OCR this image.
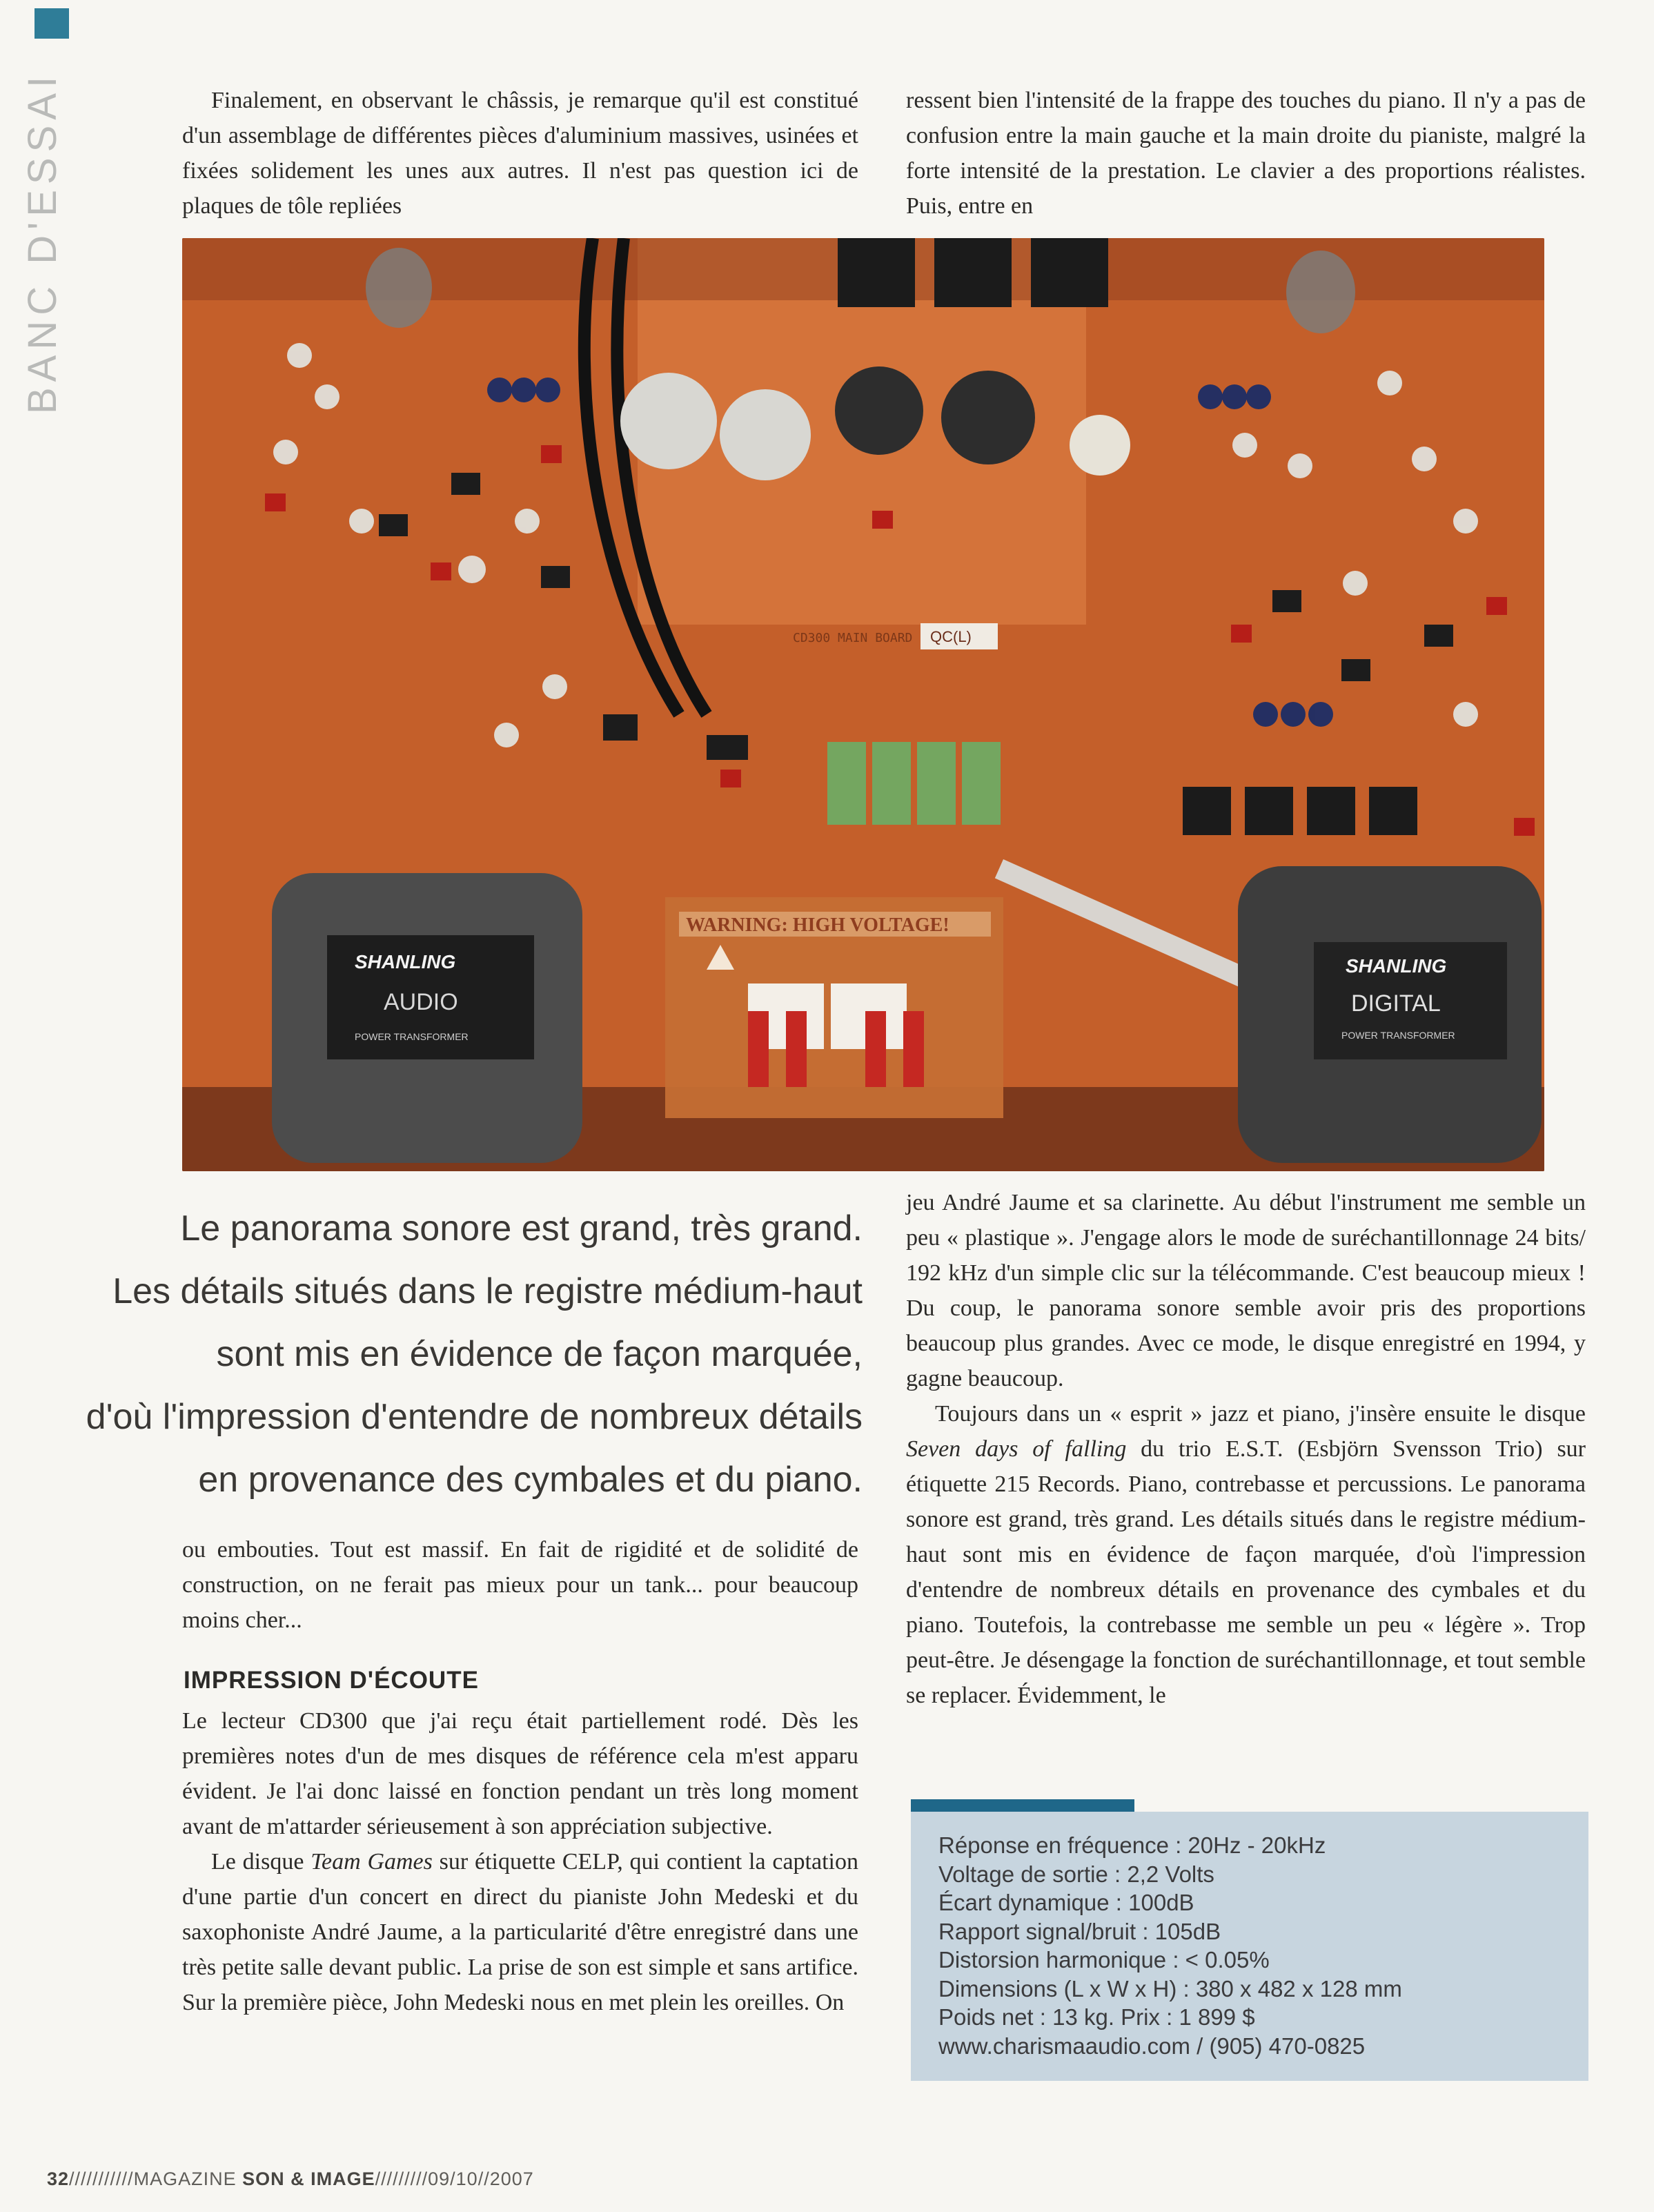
BANC D'ESSAI	Finalement, en observant le châssis, je remarque qu'il est constitué d'un assemblage de différentes pièces d'aluminium massives, usinées et fixées solidement les unes aux autres. Il n'est pas question ici de plaques de tôle repliées

ressent bien l'intensité de la frappe des touches du piano. Il n'y a pas de confusion entre la main gauche et la main droite du pianiste, malgré la forte intensité de la prestation. Le clavier a des proportions réalistes. Puis, entre en

CD300 MAIN BOARD QC(L)
WARNING: HIGH VOLTAGE!
SHANLING
AUDIO
POWER TRANSFORMER
SHANLING
DIGITAL
POWER TRANSFORMER
Le panorama sonore est grand, très grand.
Les détails situés dans le registre médium-haut
sont mis en évidence de façon marquée,
d'où l'impression d'entendre de nombreux détails
en provenance des cymbales et du piano.

ou embouties. Tout est massif. En fait de rigidité et de solidité de construction, on ne ferait pas mieux pour un tank... pour beaucoup moins cher...

IMPRESSION D'ÉCOUTE

Le lecteur CD300 que j'ai reçu était partiellement rodé. Dès les premières notes d'un de mes disques de référence cela m'est apparu évident. Je l'ai donc laissé en fonction pendant un très long moment avant de m'attarder sérieusement à son appréciation subjective.

Le disque Team Games sur étiquette CELP, qui contient la captation d'une partie d'un concert en direct du pianiste John Medeski et du saxophoniste André Jaume, a la particularité d'être enregistré dans une très petite salle devant public. La prise de son est simple et sans artifice. Sur la première pièce, John Medeski nous en met plein les oreilles. On

jeu André Jaume et sa clarinette. Au début l'instrument me semble un peu « plastique ». J'engage alors le mode de suréchantillonnage 24 bits/ 192 kHz d'un simple clic sur la télécommande. C'est beaucoup mieux ! Du coup, le panorama sonore semble avoir pris des proportions beaucoup plus grandes. Avec ce mode, le disque enregistré en 1994, y gagne beaucoup.

Toujours dans un « esprit » jazz et piano, j'insère ensuite le disque Seven days of falling du trio E.S.T. (Esbjörn Svensson Trio) sur étiquette 215 Records. Piano, contrebasse et percussions. Le panorama sonore est grand, très grand. Les détails situés dans le registre médium-haut sont mis en évidence de façon marquée, d'où l'impression d'entendre de nombreux détails en provenance des cymbales et du piano. Toutefois, la contrebasse me semble un peu « légère ». Trop peut-être. Je désengage la fonction de suréchantillonnage, et tout semble se replacer. Évidemment, le

Réponse en fréquence : 20Hz - 20kHz
Voltage de sortie : 2,2 Volts
Écart dynamique : 100dB
Rapport signal/bruit : 105dB
Distorsion harmonique : < 0.05%
Dimensions (L x W x H) : 380 x 482 x 128 mm
Poids net : 13 kg. Prix : 1 899 $
www.charismaaudio.com / (905) 470-0825
32///////////MAGAZINE SON & IMAGE/////////09/10//2007
